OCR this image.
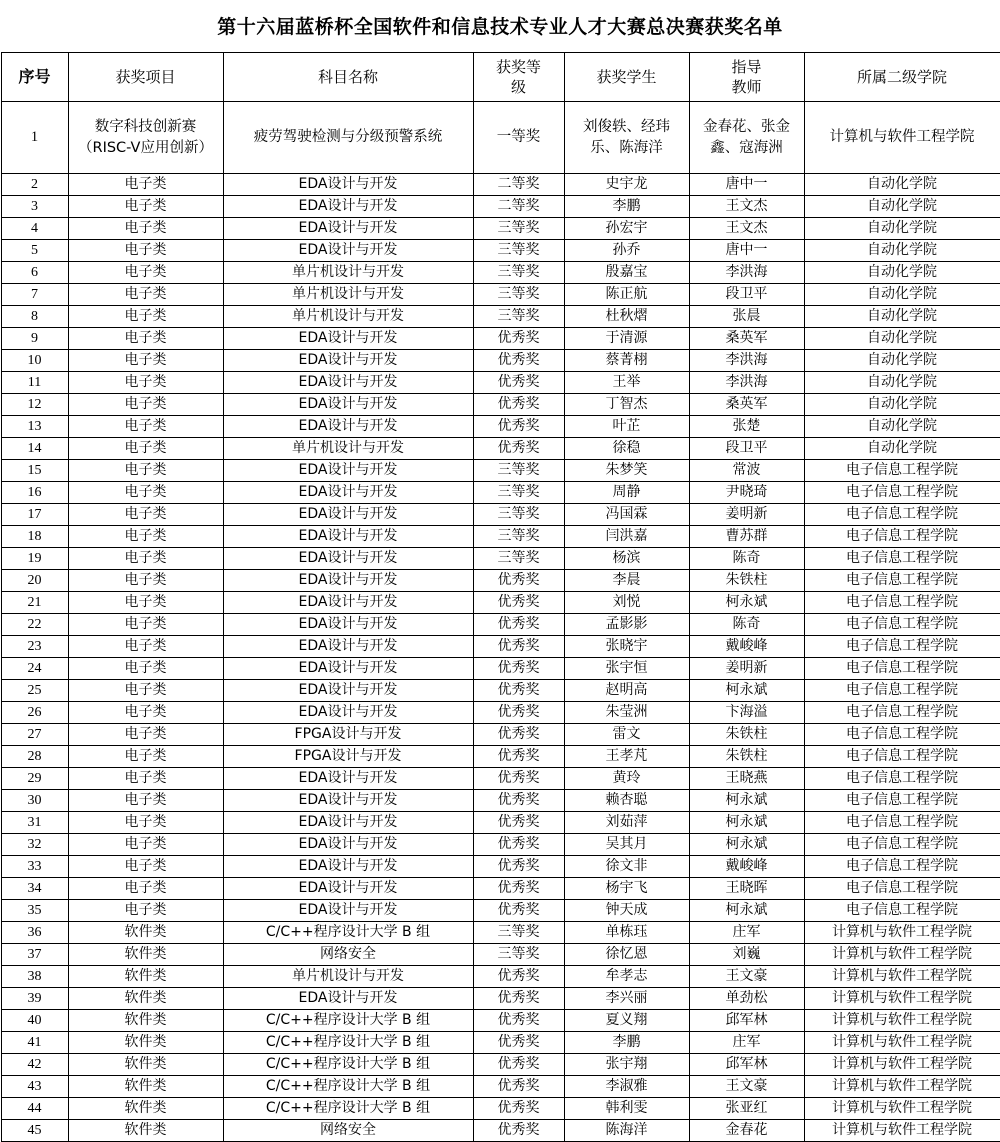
第十六届蓝桥杯全国软件和信息技术专业人才大赛总决赛获奖名单
序号	获奖项目	科目名称	获奖等级	获奖学生	指导教师	所属二级学院
1	数字科技创新赛（RISC-V应用创新）	疲劳驾驶检测与分级预警系统	一等奖	刘俊轶、经玮乐、陈海洋	金春花、张金鑫、寇海洲	计算机与软件工程学院
2	电子类	EDA设计与开发	二等奖	史宇龙	唐中一	自动化学院
3	电子类	EDA设计与开发	二等奖	李鹏	王文杰	自动化学院
4	电子类	EDA设计与开发	三等奖	孙宏宇	王文杰	自动化学院
5	电子类	EDA设计与开发	三等奖	孙乔	唐中一	自动化学院
6	电子类	单片机设计与开发	三等奖	殷嘉宝	李洪海	自动化学院
7	电子类	单片机设计与开发	三等奖	陈正航	段卫平	自动化学院
8	电子类	单片机设计与开发	三等奖	杜秋熠	张晨	自动化学院
9	电子类	EDA设计与开发	优秀奖	于清源	桑英军	自动化学院
10	电子类	EDA设计与开发	优秀奖	蔡菁栩	李洪海	自动化学院
11	电子类	EDA设计与开发	优秀奖	王举	李洪海	自动化学院
12	电子类	EDA设计与开发	优秀奖	丁智杰	桑英军	自动化学院
13	电子类	EDA设计与开发	优秀奖	叶芷	张楚	自动化学院
14	电子类	单片机设计与开发	优秀奖	徐稳	段卫平	自动化学院
15	电子类	EDA设计与开发	三等奖	朱梦笑	常波	电子信息工程学院
16	电子类	EDA设计与开发	三等奖	周静	尹晓琦	电子信息工程学院
17	电子类	EDA设计与开发	三等奖	冯国霖	姜明新	电子信息工程学院
18	电子类	EDA设计与开发	三等奖	闫洪嘉	曹苏群	电子信息工程学院
19	电子类	EDA设计与开发	三等奖	杨滨	陈奇	电子信息工程学院
20	电子类	EDA设计与开发	优秀奖	李晨	朱铁柱	电子信息工程学院
21	电子类	EDA设计与开发	优秀奖	刘悦	柯永斌	电子信息工程学院
22	电子类	EDA设计与开发	优秀奖	孟影影	陈奇	电子信息工程学院
23	电子类	EDA设计与开发	优秀奖	张晓宇	戴峻峰	电子信息工程学院
24	电子类	EDA设计与开发	优秀奖	张宇恒	姜明新	电子信息工程学院
25	电子类	EDA设计与开发	优秀奖	赵明高	柯永斌	电子信息工程学院
26	电子类	EDA设计与开发	优秀奖	朱莹洲	卞海溢	电子信息工程学院
27	电子类	FPGA设计与开发	优秀奖	雷文	朱铁柱	电子信息工程学院
28	电子类	FPGA设计与开发	优秀奖	王孝芃	朱铁柱	电子信息工程学院
29	电子类	EDA设计与开发	优秀奖	黄玲	王晓燕	电子信息工程学院
30	电子类	EDA设计与开发	优秀奖	赖杏聪	柯永斌	电子信息工程学院
31	电子类	EDA设计与开发	优秀奖	刘茹萍	柯永斌	电子信息工程学院
32	电子类	EDA设计与开发	优秀奖	吴其月	柯永斌	电子信息工程学院
33	电子类	EDA设计与开发	优秀奖	徐文非	戴峻峰	电子信息工程学院
34	电子类	EDA设计与开发	优秀奖	杨宇飞	王晓晖	电子信息工程学院
35	电子类	EDA设计与开发	优秀奖	钟天成	柯永斌	电子信息工程学院
36	软件类	C/C++程序设计大学 B 组	三等奖	单栋珏	庄军	计算机与软件工程学院
37	软件类	网络安全	三等奖	徐忆恩	刘巍	计算机与软件工程学院
38	软件类	单片机设计与开发	优秀奖	牟孝志	王文豪	计算机与软件工程学院
39	软件类	EDA设计与开发	优秀奖	李兴丽	单劲松	计算机与软件工程学院
40	软件类	C/C++程序设计大学 B 组	优秀奖	夏义翔	邱军林	计算机与软件工程学院
41	软件类	C/C++程序设计大学 B 组	优秀奖	李鹏	庄军	计算机与软件工程学院
42	软件类	C/C++程序设计大学 B 组	优秀奖	张宇翔	邱军林	计算机与软件工程学院
43	软件类	C/C++程序设计大学 B 组	优秀奖	李淑雅	王文豪	计算机与软件工程学院
44	软件类	C/C++程序设计大学 B 组	优秀奖	韩利雯	张亚红	计算机与软件工程学院
45	软件类	网络安全	优秀奖	陈海洋	金春花	计算机与软件工程学院
